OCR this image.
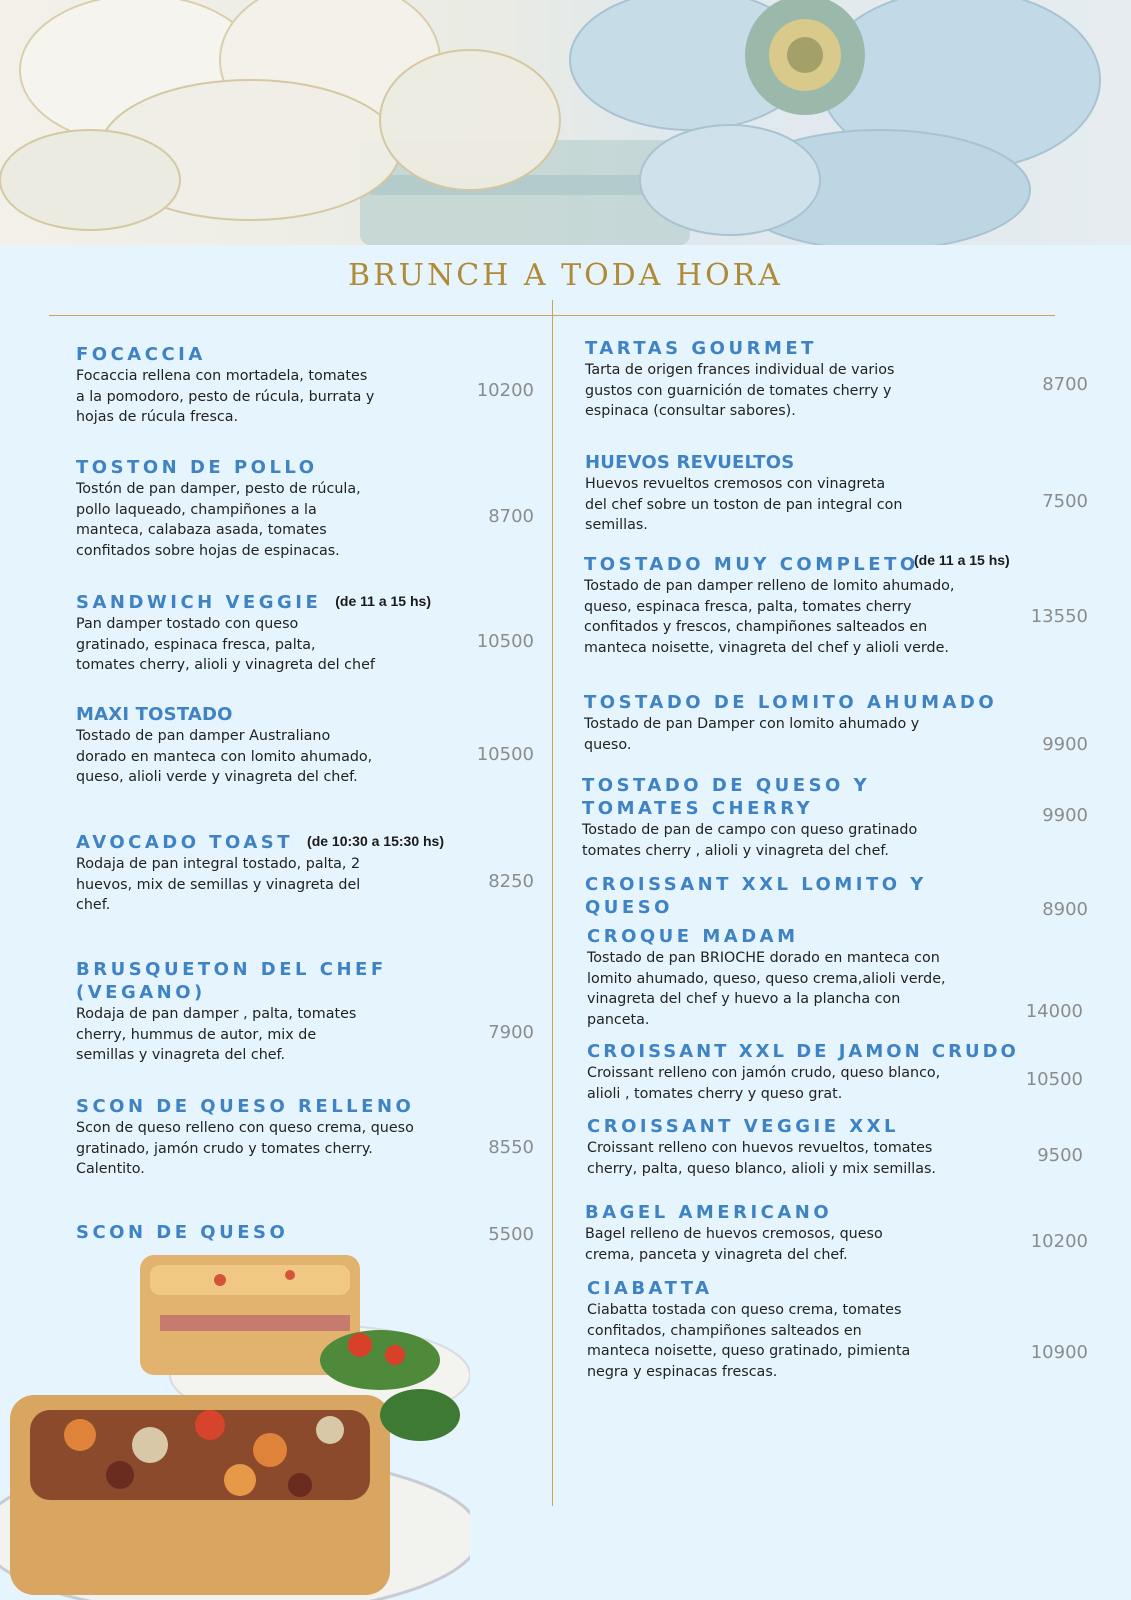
BRUNCH A TODA HORA
FOCACCIA
Focaccia rellena con mortadela, tomates
a la pomodoro, pesto de rúcula, burrata y
hojas de rúcula fresca.
10200
TOSTON DE POLLO
Tostón de pan damper, pesto de rúcula,
pollo laqueado, champiñones a la
manteca, calabaza asada, tomates
confitados sobre hojas de espinacas.
8700
SANDWICH VEGGIE (de 11 a 15 hs)
Pan damper tostado con queso
gratinado, espinaca fresca, palta,
tomates cherry, alioli y vinagreta del chef
10500
MAXI TOSTADO
Tostado de pan damper Australiano
dorado en manteca con lomito ahumado,
queso, alioli verde y vinagreta del chef.
10500
AVOCADO TOAST (de 10:30 a 15:30 hs)
Rodaja de pan integral tostado, palta, 2
huevos, mix de semillas y vinagreta del
chef.
8250
BRUSQUETON DEL CHEF
(VEGANO)
Rodaja de pan damper , palta, tomates
cherry, hummus de autor, mix de
semillas y vinagreta del chef.
7900
SCON DE QUESO RELLENO
Scon de queso relleno con queso crema, queso
gratinado, jamón crudo y tomates cherry.
Calentito.
8550
SCON DE QUESO	5500
TARTAS GOURMET
Tarta de origen frances individual de varios
gustos con guarnición de tomates cherry y
espinaca (consultar sabores).
8700
HUEVOS REVUELTOS
Huevos revueltos cremosos con vinagreta
del chef sobre un toston de pan integral con
semillas.
7500
TOSTADO MUY COMPLETO
Tostado de pan damper relleno de lomito ahumado,
queso, espinaca fresca, palta, tomates cherry
confitados y frescos, champiñones salteados en
manteca noisette, vinagreta del chef y alioli verde.
(de 11 a 15 hs)
13550
TOSTADO DE LOMITO AHUMADO
Tostado de pan Damper con lomito ahumado y
queso.	9900
TOSTADO DE QUESO Y
TOMATES CHERRY
Tostado de pan de campo con queso gratinado
tomates cherry , alioli y vinagreta del chef.
9900
CROISSANT XXL LOMITO Y
QUESO	8900
CROQUE MADAM
Tostado de pan BRIOCHE dorado en manteca con
lomito ahumado, queso, queso crema,alioli verde,
vinagreta del chef y huevo a la plancha con
panceta.	14000
CROISSANT XXL DE JAMON CRUDO
Croissant relleno con jamón crudo, queso blanco,
alioli , tomates cherry y queso grat.
10500
CROISSANT VEGGIE XXL
Croissant relleno con huevos revueltos, tomates
cherry, palta, queso blanco, alioli y mix semillas.
9500
BAGEL AMERICANO
Bagel relleno de huevos cremosos, queso
crema, panceta y vinagreta del chef.
10200
CIABATTA
Ciabatta tostada con queso crema, tomates
confitados, champiñones salteados en
manteca noisette, queso gratinado, pimienta
negra y espinacas frescas.
10900
